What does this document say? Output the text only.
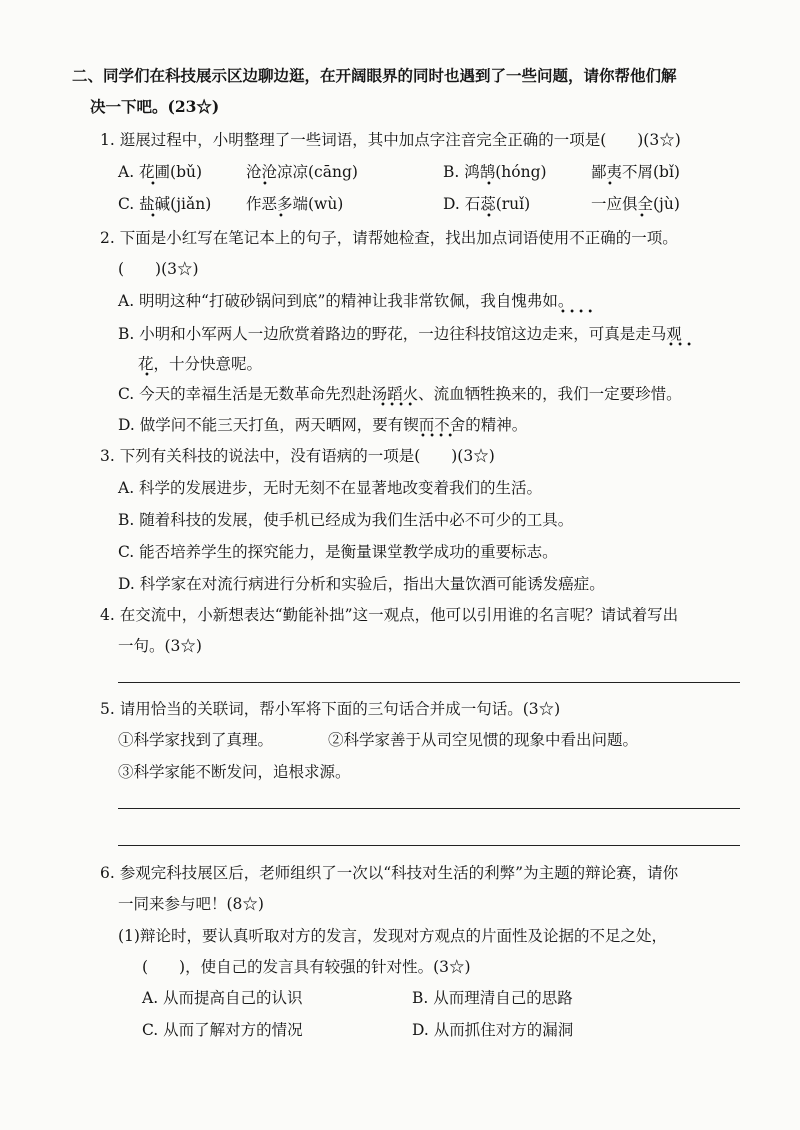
二、同学们在科技展示区边聊边逛，在开阔眼界的同时也遇到了一些问题，请你帮他们解
决一下吧。(23☆)
1. 逛展过程中，小明整理了一些词语，其中加点字注音完全正确的一项是(　　)(3☆)
A. 花圃(bǔ)	沧沧凉凉(cāng)	B. 鸿鹄(hóng)	鄙夷不屑(bǐ)
C. 盐碱(jiǎn) 作恶多端(wù)	D. 石蕊(ruǐ)	一应俱全(jù)
2. 下面是小红写在笔记本上的句子，请帮她检查，找出加点词语使用不正确的一项。
(　　)(3☆)
A. 明明这种“打破砂锅问到底”的精神让我非常钦佩，我自愧弗如。
B. 小明和小军两人一边欣赏着路边的野花，一边往科技馆这边走来，可真是走马观
花，十分快意呢。
C. 今天的幸福生活是无数革命先烈赴汤蹈火、流血牺牲换来的，我们一定要珍惜。
D. 做学问不能三天打鱼，两天晒网，要有锲而不舍的精神。
3. 下列有关科技的说法中，没有语病的一项是(　　)(3☆)
A. 科学的发展进步，无时无刻不在显著地改变着我们的生活。
B. 随着科技的发展，使手机已经成为我们生活中必不可少的工具。
C. 能否培养学生的探究能力，是衡量课堂教学成功的重要标志。
D. 科学家在对流行病进行分析和实验后，指出大量饮酒可能诱发癌症。
4. 在交流中，小新想表达“勤能补拙”这一观点，他可以引用谁的名言呢？请试着写出
一句。(3☆)
5. 请用恰当的关联词，帮小军将下面的三句话合并成一句话。(3☆)
①科学家找到了真理。	②科学家善于从司空见惯的现象中看出问题。
③科学家能不断发问，追根求源。
6. 参观完科技展区后，老师组织了一次以“科技对生活的利弊”为主题的辩论赛，请你
一同来参与吧！(8☆)
(1)辩论时，要认真听取对方的发言，发现对方观点的片面性及论据的不足之处，
(　　)，使自己的发言具有较强的针对性。(3☆)
A. 从而提高自己的认识	B. 从而理清自己的思路
C. 从而了解对方的情况	D. 从而抓住对方的漏洞
•	•	•	•
•	•	•	•
• • • •
• • •
•
• • • •
• • • •
